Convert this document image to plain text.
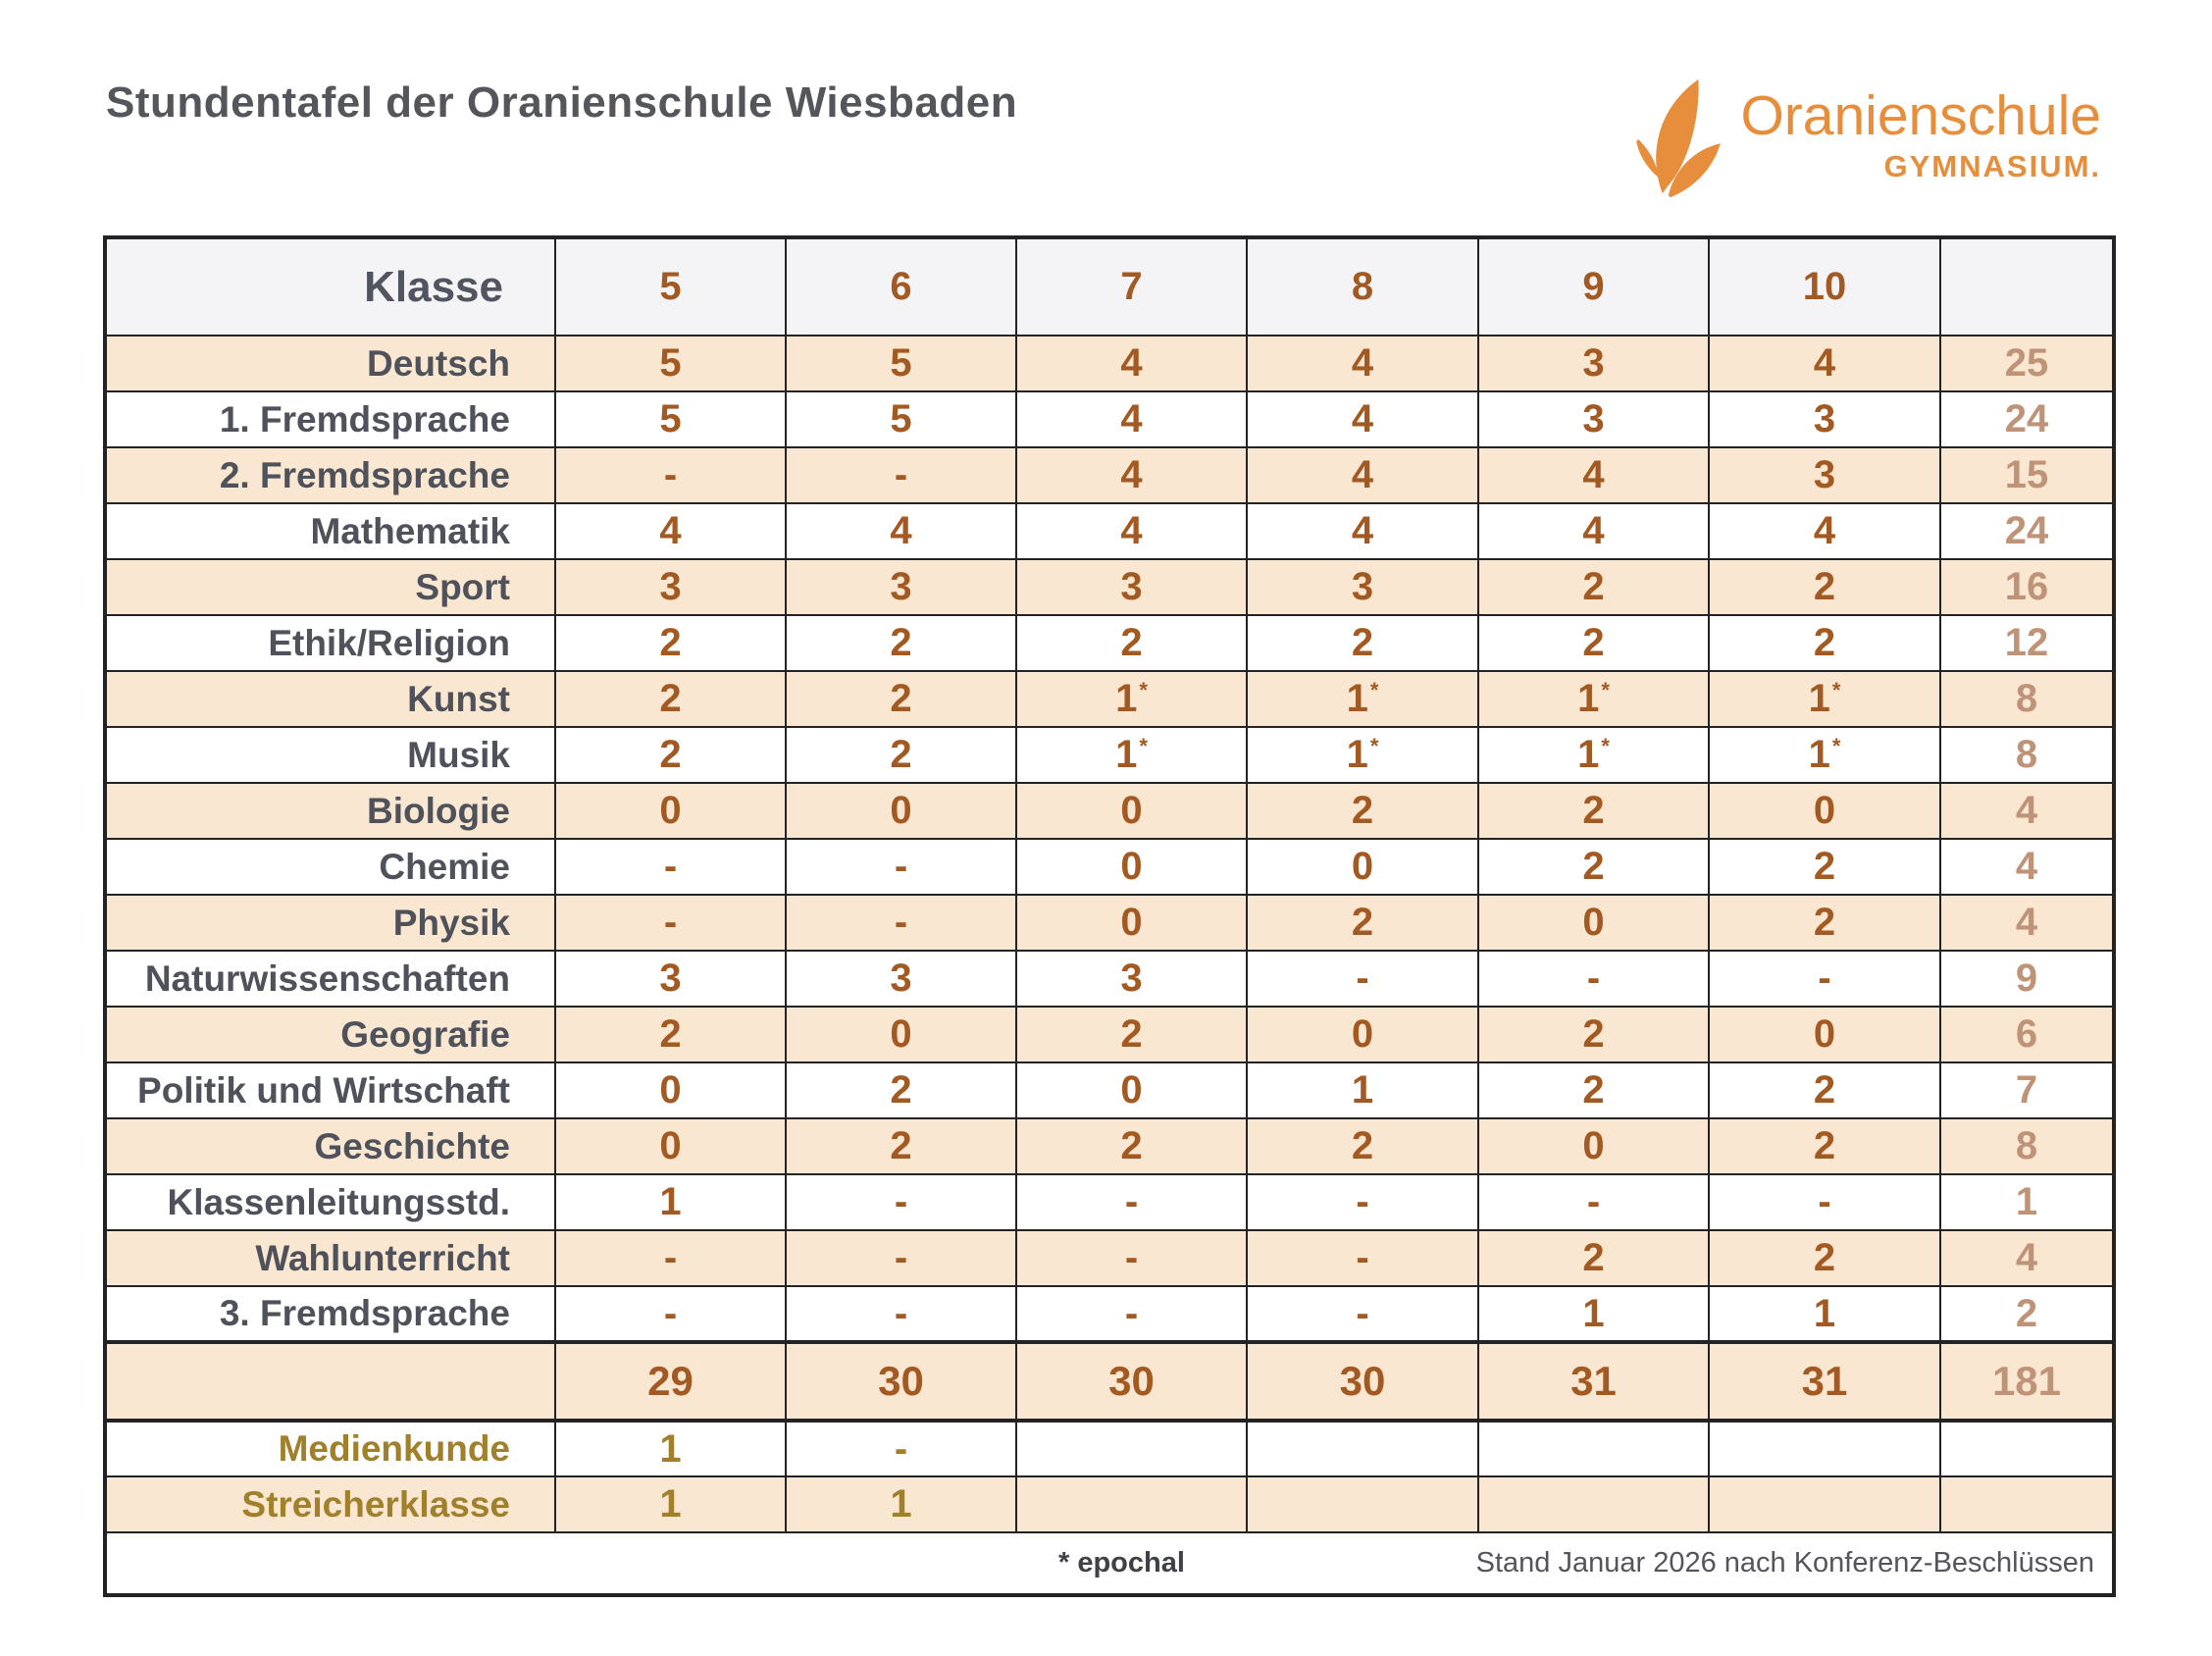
Stundentafel der Oranienschule Wiesbaden	Oranienschule
GYMNASIUM.
Klasse	5	6	7	8	9	10	
Deutsch	5	5	4	4	3	4	25
1. Fremdsprache	5	5	4	4	3	3	24
2. Fremdsprache	-	-	4	4	4	3	15
Mathematik	4	4	4	4	4	4	24
Sport	3	3	3	3	2	2	16
Ethik/Religion	2	2	2	2	2	2	12
Kunst	2	2	1*	1*	1*	1*	8
Musik	2	2	1*	1*	1*	1*	8
Biologie	0	0	0	2	2	0	4
Chemie	-	-	0	0	2	2	4
Physik	-	-	0	2	0	2	4
Naturwissenschaften	3	3	3	-	-	-	9
Geografie	2	0	2	0	2	0	6
Politik und Wirtschaft	0	2	0	1	2	2	7
Geschichte	0	2	2	2	0	2	8
Klassenleitungsstd.	1	-	-	-	-	-	1
Wahlunterricht	-	-	-	-	2	2	4
3. Fremdsprache	-	-	-	-	1	1	2
	29	30	30	30	31	31	181
Medienkunde	1	-					
Streicherklasse	1	1					

* epochal Stand Januar 2026 nach Konferenz-Beschlüssen							
